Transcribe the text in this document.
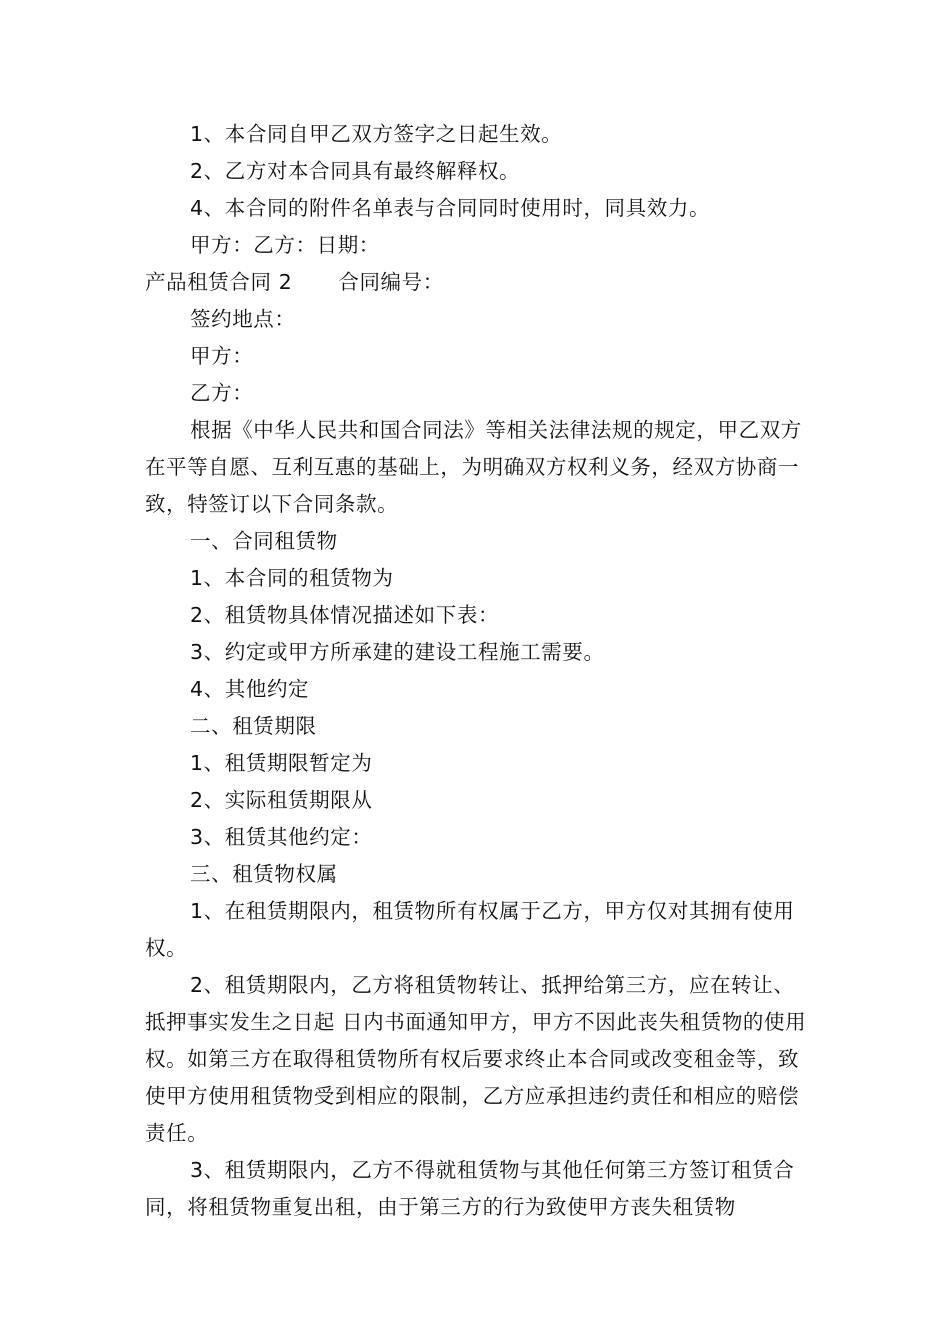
1、本合同自甲乙双方签字之日起生效。

2、乙方对本合同具有最终解释权。

4、本合同的附件名单表与合同同时使用时，同具效力。

甲方：乙方：日期：

产品租赁合同 2 合同编号：

签约地点：

甲方：

乙方：

根据《中华人民共和国合同法》等相关法律法规的规定，甲乙双方在平等自愿、互利互惠的基础上，为明确双方权利义务，经双方协商一致，特签订以下合同条款。

一、合同租赁物

1、本合同的租赁物为

2、租赁物具体情况描述如下表：

3、约定或甲方所承建的建设工程施工需要。

4、其他约定

二、租赁期限

1、租赁期限暂定为

2、实际租赁期限从

3、租赁其他约定：

三、租赁物权属

1、在租赁期限内，租赁物所有权属于乙方，甲方仅对其拥有使用权。

2、租赁期限内，乙方将租赁物转让、抵押给第三方，应在转让、抵押事实发生之日起 日内书面通知甲方，甲方不因此丧失租赁物的使用权。如第三方在取得租赁物所有权后要求终止本合同或改变租金等，致使甲方使用租赁物受到相应的限制，乙方应承担违约责任和相应的赔偿责任。

3、租赁期限内，乙方不得就租赁物与其他任何第三方签订租赁合同，将租赁物重复出租，由于第三方的行为致使甲方丧失租赁物
